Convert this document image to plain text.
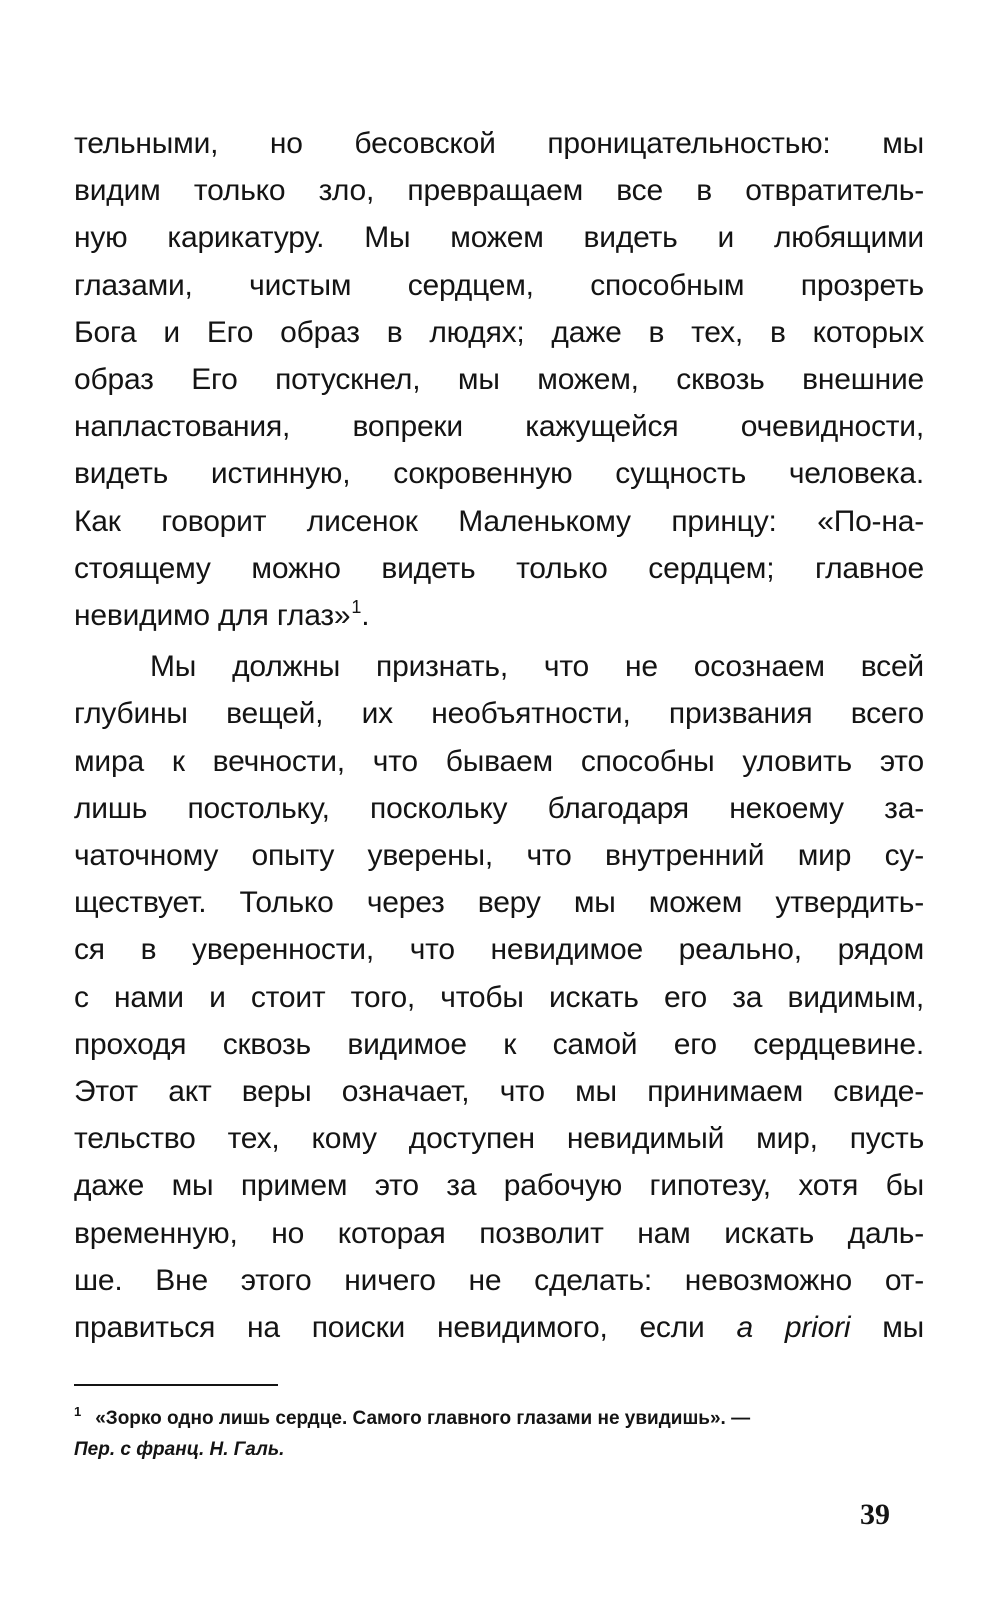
тельными, но бесовской проницательностью: мы
видим только зло, превращаем все в отвратитель-
ную карикатуру. Мы можем видеть и любящими
глазами, чистым сердцем, способным прозреть
Бога и Его образ в людях; даже в тех, в которых
образ Его потускнел, мы можем, сквозь внешние
напластования, вопреки кажущейся очевидности,
видеть истинную, сокровенную сущность человека.
Как говорит лисенок Маленькому принцу: «По-на-
стоящему можно видеть только сердцем; главное
невидимо для глаз»$^1$.
Мы должны признать, что не осознаем всей
глубины вещей, их необъятности, призвания всего
мира к вечности, что бываем способны уловить это
лишь постольку, поскольку благодаря некоему за-
чаточному опыту уверены, что внутренний мир су-
ществует. Только через веру мы можем утвердить-
ся в уверенности, что невидимое реально, рядом
с нами и стоит того, чтобы искать его за видимым,
проходя сквозь видимое к самой его сердцевине.
Этот акт веры означает, что мы принимаем свиде-
тельство тех, кому доступен невидимый мир, пусть
даже мы примем это за рабочую гипотезу, хотя бы
временную, но которая позволит нам искать даль-
ше. Вне этого ничего не сделать: невозможно от-
правиться на поиски невидимого, если a priori мы
$^1$ «Зорко одно лишь сердце. Самого главного глазами не увидишь». —
Пер. с франц. Н. Галь.
39
